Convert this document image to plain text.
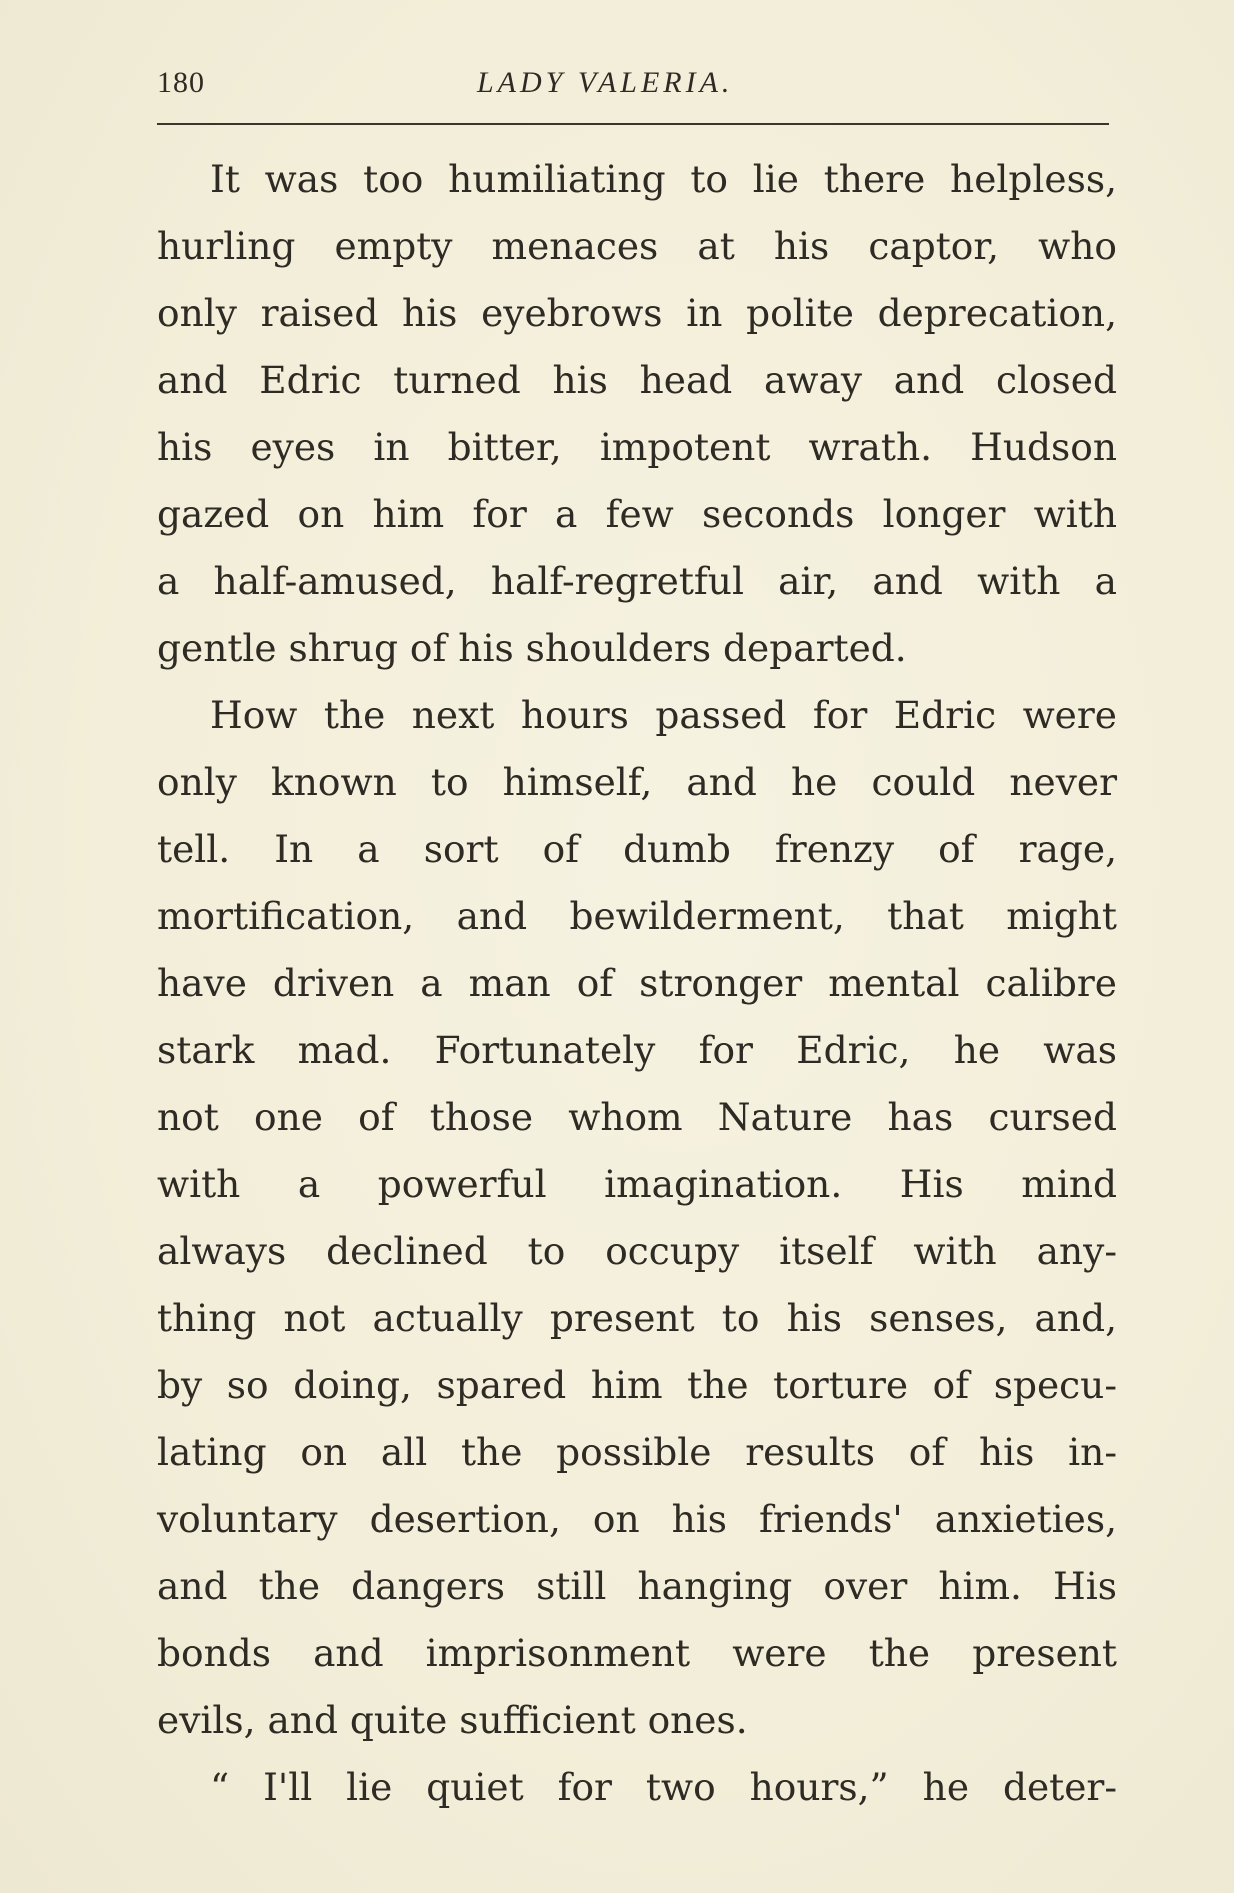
180	LADY VALERIA.
It was too humiliating to lie there helpless,
hurling empty menaces at his captor, who
only raised his eyebrows in polite deprecation,
and Edric turned his head away and closed
his eyes in bitter, impotent wrath. Hudson
gazed on him for a few seconds longer with
a half-amused, half-regretful air, and with a
gentle shrug of his shoulders departed.
How the next hours passed for Edric were
only known to himself, and he could never
tell. In a sort of dumb frenzy of rage,
mortification, and bewilderment, that might
have driven a man of stronger mental calibre
stark mad. Fortunately for Edric, he was
not one of those whom Nature has cursed
with a powerful imagination. His mind
always declined to occupy itself with any-
thing not actually present to his senses, and,
by so doing, spared him the torture of specu-
lating on all the possible results of his in-
voluntary desertion, on his friends' anxieties,
and the dangers still hanging over him. His
bonds and imprisonment were the present
evils, and quite sufficient ones.
“ I'll lie quiet for two hours,” he deter-
